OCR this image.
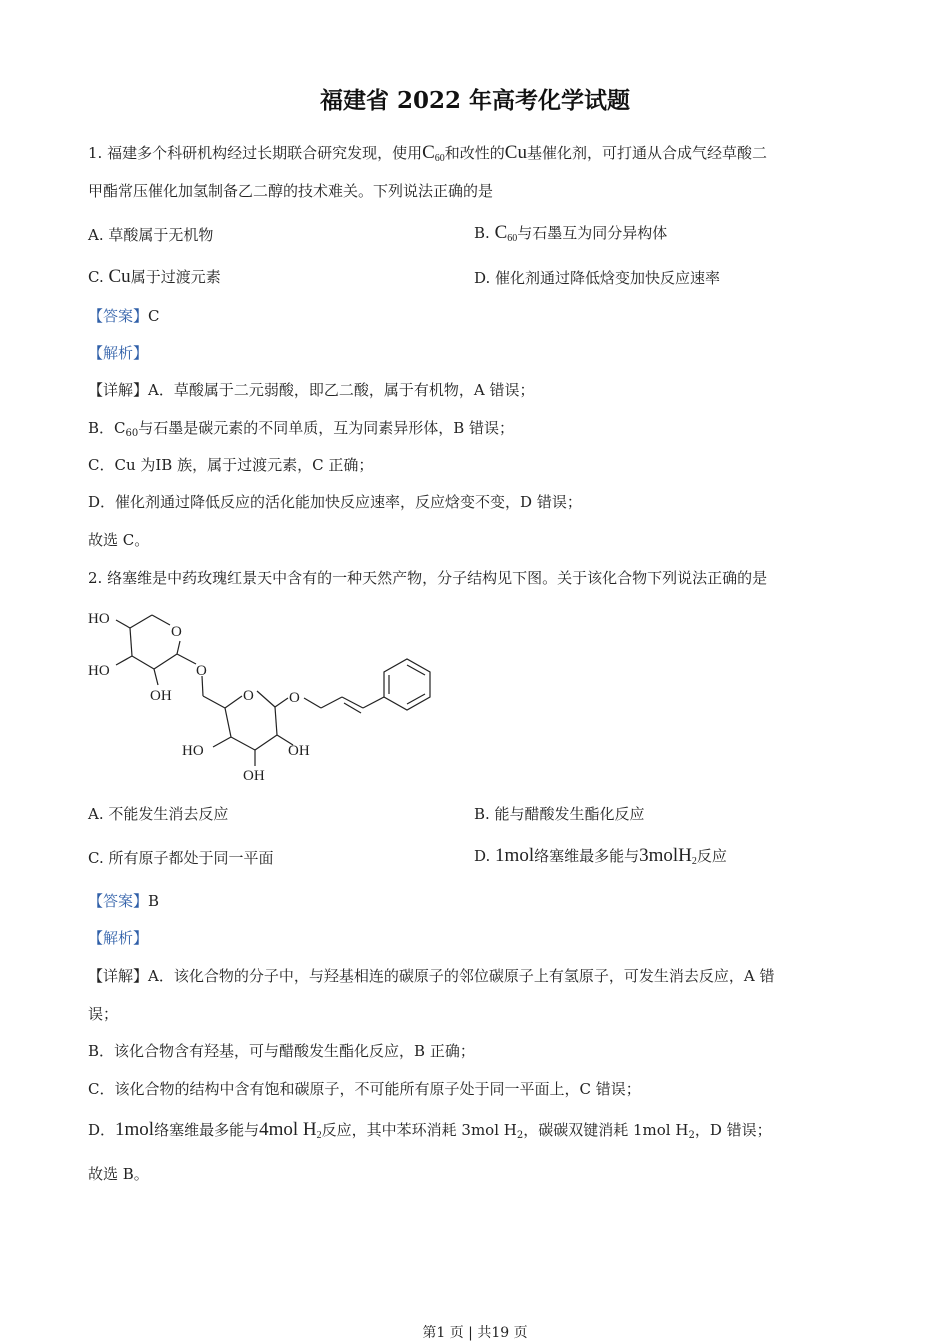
福建省 2022 年高考化学试题
1. 福建多个科研机构经过长期联合研究发现，使用$C_{60}$和改性的Cu基催化剂，可打通从合成气经草酸二
甲酯常压催化加氢制备乙二醇的技术难关。下列说法正确的是
A. 草酸属于无机物	B. $C_{60}$与石墨互为同分异构体
C. Cu属于过渡元素	D. 催化剂通过降低焓变加快反应速率
【答案】C
【解析】
【详解】A．草酸属于二元弱酸，即乙二酸，属于有机物，A 错误；
B．$C_{60}$与石墨是碳元素的不同单质，互为同素异形体，B 错误；
C．Cu 为IB 族，属于过渡元素，C 正确；
D．催化剂通过降低反应的活化能加快反应速率，反应焓变不变，D 错误；
故选 C。
2. 络塞维是中药玫瑰红景天中含有的一种天然产物，分子结构见下图。关于该化合物下列说法正确的是
HO
O
HO	O
OH	O O
HO	OH
OH
A. 不能发生消去反应	B. 能与醋酸发生酯化反应
C. 所有原子都处于同一平面	D. 1mol络塞维最多能与3molH$_2$反应
【答案】B
【解析】
【详解】A．该化合物的分子中，与羟基相连的碳原子的邻位碳原子上有氢原子，可发生消去反应，A 错
误；
B．该化合物含有羟基，可与醋酸发生酯化反应，B 正确；
C．该化合物的结构中含有饱和碳原子，不可能所有原子处于同一平面上，C 错误；
D．1mol络塞维最多能与4mol $H_2$反应，其中苯环消耗 3mol $H_2$，碳碳双键消耗 1mol $H_2$，D 错误；
故选 B。
第1 页 | 共19 页
